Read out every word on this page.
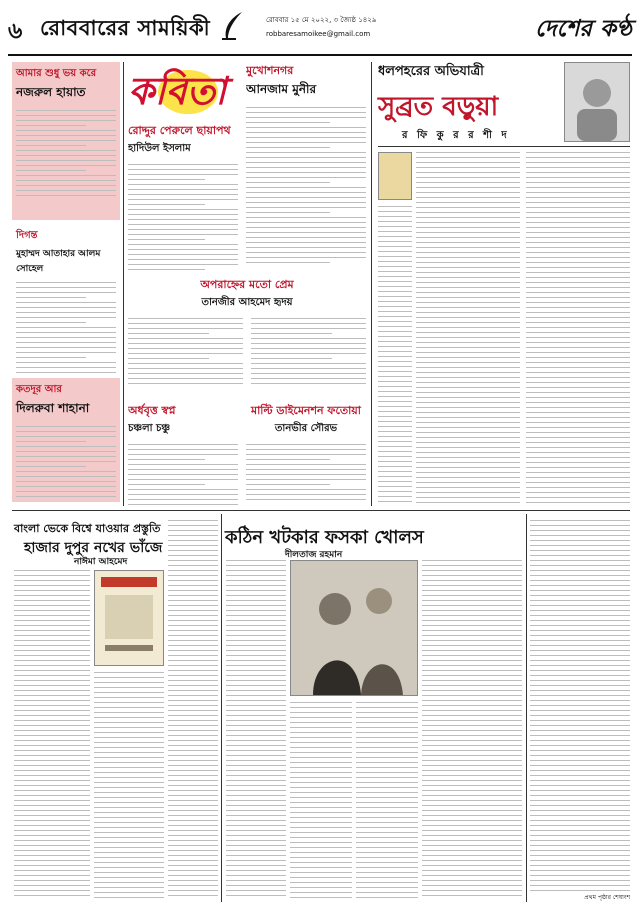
৬ রোববারের সাময়িকী	রোববার ১৫ মে ২০২২, ৩ জ্যৈষ্ঠ ১৪২৯
robbaresamoikee@gmail.com	দেশের কণ্ঠ
আমার শুধু ভয় করে
নজরুল হায়াত
দিগন্ত
মুহাম্মদ আতাহার আলম সোহেল
কতদূর আর
দিলরুবা শাহানা
কবিতা
রোদ্দুর পেরুলে ছায়াপথ
হাদিউল ইসলাম
অপরাহ্নের মতো প্রেম
তানজীর আহমেদ হৃদয়
অর্ধবৃত্ত স্বপ্ন
চঞ্চলা চঞ্চু
মুখোশনগর
আনজাম মুনীর
মাল্টি ডাইমেনশন ফতোয়া
তানভীর সৌরভ
ধলপহরের অভিযাত্রী
সুব্রত বড়ুয়া
র ফি কু র র শী দ
বাংলা ভেকে বিশ্বে যাওয়ার প্রস্তুতি
হাজার দুপুর নখের ভাঁজে
নাঈমা আহমেদ
কঠিন খটকার ফসকা খোলস
দীলতাজ রহমান
প্রথম পৃষ্ঠার শেষাংশ
